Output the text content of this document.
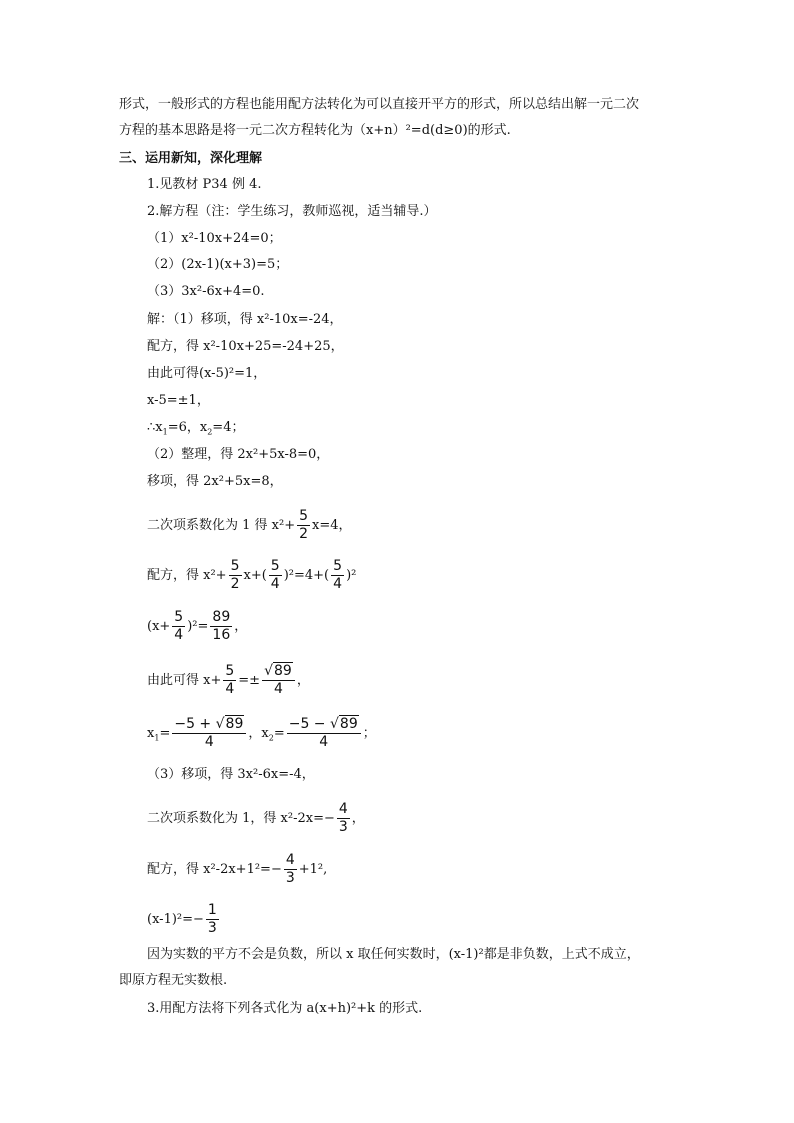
形式，一般形式的方程也能用配方法转化为可以直接开平方的形式，所以总结出解一元二次
方程的基本思路是将一元二次方程转化为（x+n）²=d(d≥0)的形式.
三、运用新知，深化理解
1.见教材 P34 例 4.
2.解方程（注：学生练习，教师巡视，适当辅导.）
（1）x²-10x+24=0；
（2）(2x-1)(x+3)=5；
（3）3x²-6x+4=0.
解：（1）移项，得 x²-10x=-24，
配方，得 x²-10x+25=-24+25，
由此可得(x-5)²=1，
x-5=±1，
$\therefore x_1=6$，$x_2=4$；
（2）整理，得 2x²+5x-8=0，
移项，得 2x²+5x=8，
二次项系数化为 1 得 $x^2+ \frac{5}{2} x=4$，
配方，得 $x^2+ \frac{5}{2} x+( \frac{5}{4} )^2=4+( \frac{5}{4} )^2$
$(x+ \frac{5}{4} )^2= \frac{89}{16}$ ，
由此可得 $x+ \frac{5}{4} =\pm \frac{√89}{4}$ ，
$x_1= \frac{-5 + √89}{4}$ ，$x_2= \frac{-5 - √89}{4}$ ；
（3）移项，得 3x²-6x=-4，
二次项系数化为 1，得 $x^2-2x=- \frac{4}{3}$ ，
配方，得 $x^2-2x+1^2=- \frac{4}{3} +1^2$,
$(x-1)^2=- \frac{1}{3}$
因为实数的平方不会是负数，所以 x 取任何实数时，(x-1)²都是非负数，上式不成立，
即原方程无实数根.
3.用配方法将下列各式化为 a(x+h)²+k 的形式.
